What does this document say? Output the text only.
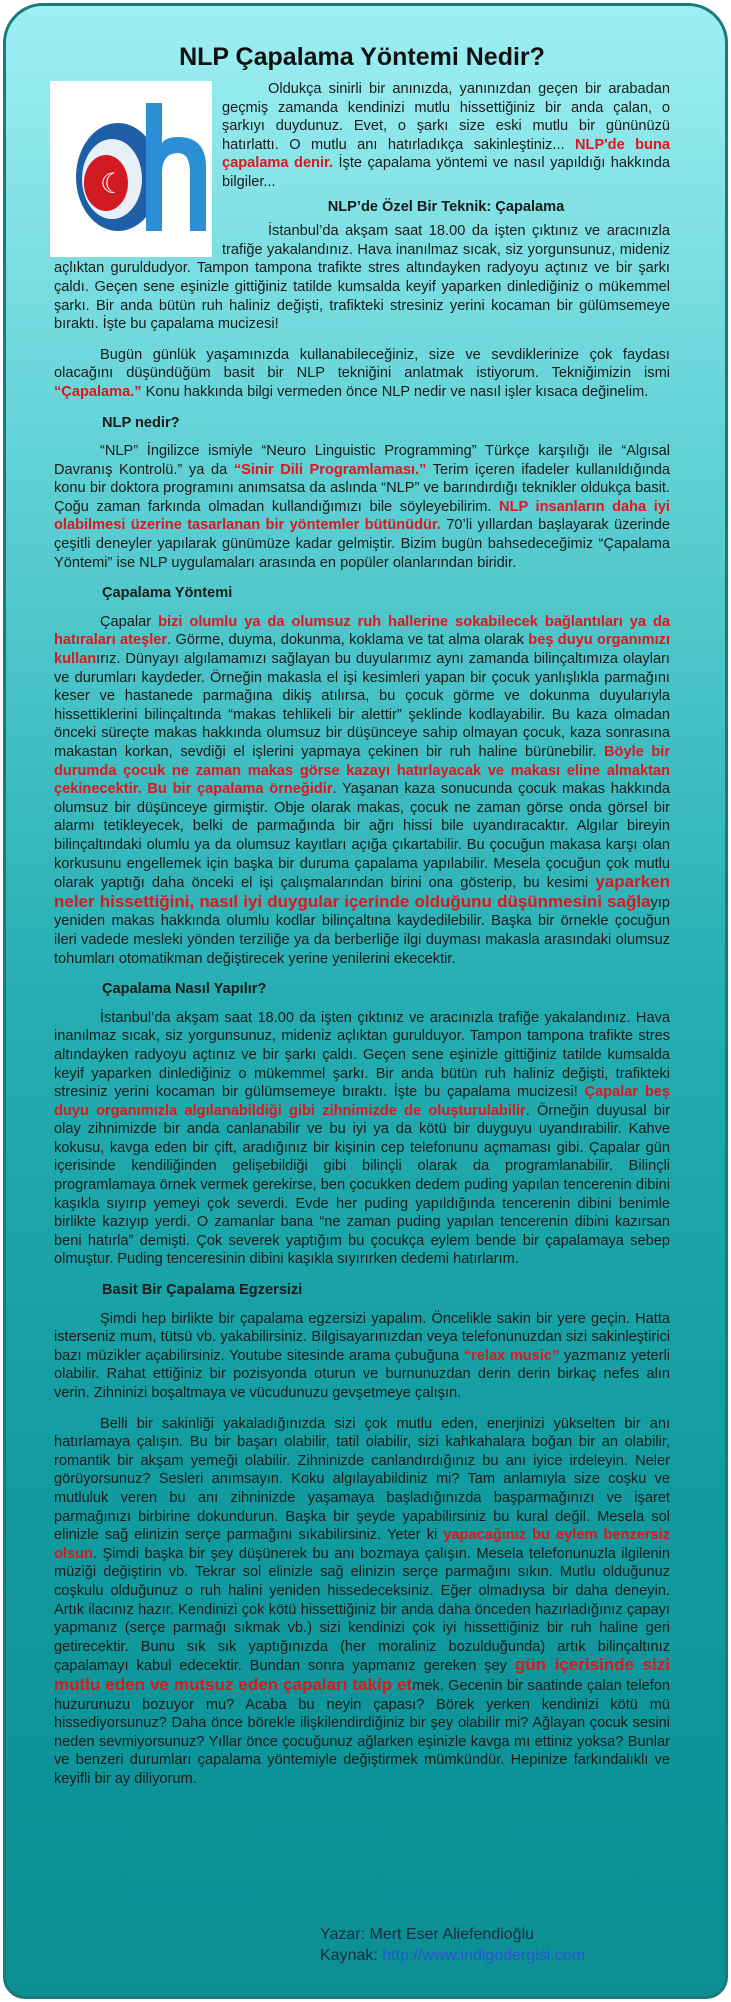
NLP Çapalama Yöntemi Nedir?
☾

Oldukça sinirli bir anınızda, yanınızdan geçen bir arabadan geçmiş zamanda kendinizi mutlu hissettiğiniz bir anda çalan, o şarkıyı duydunuz. Evet, o şarkı size eski mutlu bir gününüzü hatırlattı. O mutlu anı hatırladıkça sakinleştiniz... NLP'de buna çapalama denir. İşte çapalama yöntemi ve nasıl yapıldığı hakkında bilgiler...

NLP’de Özel Bir Teknik: Çapalama

İstanbul’da akşam saat 18.00 da işten çıktınız ve aracınızla trafiğe yakalandınız. Hava inanılmaz sıcak, siz yorgunsunuz, mideniz açlıktan guruldudyor. Tampon tampona trafikte stres altındayken radyoyu açtınız ve bir şarkı çaldı. Geçen sene eşinizle gittiğiniz tatilde kumsalda keyif yaparken dinlediğiniz o mükemmel şarkı. Bir anda bütün ruh haliniz değişti, trafikteki stresiniz yerini kocaman bir gülümsemeye bıraktı. İşte bu çapalama mucizesi!

Bugün günlük yaşamınızda kullanabileceğiniz, size ve sevdiklerinize çok faydası olacağını düşündüğüm basit bir NLP tekniğini anlatmak istiyorum. Tekniğimizin ismi “Çapalama.” Konu hakkında bilgi vermeden önce NLP nedir ve nasıl işler kısaca değinelim.

NLP nedir?

“NLP” İngilizce ismiyle “Neuro Linguistic Programming” Türkçe karşılığı ile “Algısal Davranış Kontrolü.” ya da “Sinir Dili Programlaması.” Terim içeren ifadeler kullanıldığında konu bir doktora programını anımsatsa da aslında “NLP” ve barındırdığı teknikler oldukça basit. Çoğu zaman farkında olmadan kullandığımızı bile söyleyebilirim. NLP insanların daha iyi olabilmesi üzerine tasarlanan bir yöntemler bütünüdür. 70’li yıllardan başlayarak üzerinde çeşitli deneyler yapılarak günümüze kadar gelmiştir. Bizim bugün bahsedeceğimiz “Çapalama Yöntemi” ise NLP uygulamaları arasında en popüler olanlarından biridir.

Çapalama Yöntemi

Çapalar bizi olumlu ya da olumsuz ruh hallerine sokabilecek bağlantıları ya da hatıraları ateşler. Görme, duyma, dokunma, koklama ve tat alma olarak beş duyu organımızı kullanırız. Dünyayı algılamamızı sağlayan bu duyularımız aynı zamanda bilinçaltımıza olayları ve durumları kaydeder. Örneğin makasla el işi kesimleri yapan bir çocuk yanlışlıkla parmağını keser ve hastanede parmağına dikiş atılırsa, bu çocuk görme ve dokunma duyularıyla hissettiklerini bilinçaltında “makas tehlikeli bir alettir” şeklinde kodlayabilir. Bu kaza olmadan önceki süreçte makas hakkında olumsuz bir düşünceye sahip olmayan çocuk, kaza sonrasına makastan korkan, sevdiği el işlerini yapmaya çekinen bir ruh haline bürünebilir. Böyle bir durumda çocuk ne zaman makas görse kazayı hatırlayacak ve makası eline almaktan çekinecektir. Bu bir çapalama örneğidir. Yaşanan kaza sonucunda çocuk makas hakkında olumsuz bir düşünceye girmiştir. Obje olarak makas, çocuk ne zaman görse onda görsel bir alarmı tetikleyecek, belki de parmağında bir ağrı hissi bile uyandıracaktır. Algılar bireyin bilinçaltındaki olumlu ya da olumsuz kayıtları açığa çıkartabilir. Bu çocuğun makasa karşı olan korkusunu engellemek için başka bir duruma çapalama yapılabilir. Mesela çocuğun çok mutlu olarak yaptığı daha önceki el işi çalışmalarından birini ona gösterip, bu kesimi yaparken neler hissettiğini, nasıl iyi duygular içerinde olduğunu düşünmesini sağlayıp yeniden makas hakkında olumlu kodlar bilinçaltına kaydedilebilir. Başka bir örnekle çocuğun ileri vadede mesleki yönden terziliğe ya da berberliğe ilgi duyması makasla arasındaki olumsuz tohumları otomatikman değiştirecek yerine yenilerini ekecektir.

Çapalama Nasıl Yapılır?

İstanbul’da akşam saat 18.00 da işten çıktınız ve aracınızla trafiğe yakalandınız. Hava inanılmaz sıcak, siz yorgunsunuz, mideniz açlıktan gurulduyor. Tampon tampona trafikte stres altındayken radyoyu açtınız ve bir şarkı çaldı. Geçen sene eşinizle gittiğiniz tatilde kumsalda keyif yaparken dinlediğiniz o mükemmel şarkı. Bir anda bütün ruh haliniz değişti, trafikteki stresiniz yerini kocaman bir gülümsemeye bıraktı. İşte bu çapalama mucizesi! Çapalar beş duyu organımızla algılanabildiği gibi zihnimizde de oluşturulabilir. Örneğin duyusal bir olay zihnimizde bir anda canlanabilir ve bu iyi ya da kötü bir duyguyu uyandırabilir. Kahve kokusu, kavga eden bir çift, aradığınız bir kişinin cep telefonunu açmaması gibi. Çapalar gün içerisinde kendiliğinden gelişebildiği gibi bilinçli olarak da programlanabilir. Bilinçli programlamaya örnek vermek gerekirse, ben çocukken dedem puding yapılan tencerenin dibini kaşıkla sıyırıp yemeyi çok severdi. Evde her puding yapıldığında tencerenin dibini benimle birlikte kazıyıp yerdi. O zamanlar bana “ne zaman puding yapılan tencerenin dibini kazırsan beni hatırla” demişti. Çok severek yaptığım bu çocukça eylem bende bir çapalamaya sebep olmuştur. Puding tenceresinin dibini kaşıkla sıyırırken dedemi hatırlarım.

Basit Bir Çapalama Egzersizi

Şimdi hep birlikte bir çapalama egzersizi yapalım. Öncelikle sakin bir yere geçin. Hatta isterseniz mum, tütsü vb. yakabilirsiniz. Bilgisayarınızdan veya telefonunuzdan sizi sakinleştirici bazı müzikler açabilirsiniz. Youtube sitesinde arama çubuğuna “relax music” yazmanız yeterli olabilir. Rahat ettiğiniz bir pozisyonda oturun ve burnunuzdan derin derin birkaç nefes alın verin. Zihninizi boşaltmaya ve vücudunuzu gevşetmeye çalışın.

Belli bir sakinliği yakaladığınızda sizi çok mutlu eden, enerjinizi yükselten bir anı hatırlamaya çalışın. Bu bir başarı olabilir, tatil olabilir, sizi kahkahalara boğan bir an olabilir, romantik bir akşam yemeği olabilir. Zihninizde canlandırdığınız bu anı iyice irdeleyin. Neler görüyorsunuz? Sesleri anımsayın. Koku algılayabildiniz mi? Tam anlamıyla size coşku ve mutluluk veren bu anı zihninizde yaşamaya başladığınızda başparmağınızı ve işaret parmağınızı birbirine dokundurun. Başka bir şeyde yapabilirsiniz bu kural değil. Mesela sol elinizle sağ elinizin serçe parmağını sıkabilirsiniz. Yeter ki yapacağınız bu eylem benzersiz olsun. Şimdi başka bir şey düşünerek bu anı bozmaya çalışın. Mesela telefonunuzla ilgilenin müziği değiştirin vb. Tekrar sol elinizle sağ elinizin serçe parmağını sıkın. Mutlu olduğunuz coşkulu olduğunuz o ruh halini yeniden hissedeceksiniz. Eğer olmadıysa bir daha deneyin. Artık ilacınız hazır. Kendinizi çok kötü hissettiğiniz bir anda daha önceden hazırladığınız çapayı yapmanız (serçe parmağı sıkmak vb.) sizi kendinizi çok iyi hissettiğiniz bir ruh haline geri getirecektir. Bunu sık sık yaptığınızda (her moraliniz bozulduğunda) artık bilinçaltınız çapalamayı kabul edecektir. Bundan sonra yapmanız gereken şey gün içerisinde sizi mutlu eden ve mutsuz eden çapaları takip etmek. Gecenin bir saatinde çalan telefon huzurunuzu bozuyor mu? Acaba bu neyin çapası? Börek yerken kendinizi kötü mü hissediyorsunuz? Daha önce börekle ilişkilendirdiğiniz bir şey olabilir mi? Ağlayan çocuk sesini neden sevmiyorsunuz? Yıllar önce çocuğunuz ağlarken eşinizle kavga mı ettiniz yoksa? Bunlar ve benzeri durumları çapalama yöntemiyle değiştirmek mümkündür. Hepinize farkındalıklı ve keyifli bir ay diliyorum.

Yazar: Mert Eser Aliefendioğlu
Kaynak: http://www.indigodergisi.com
